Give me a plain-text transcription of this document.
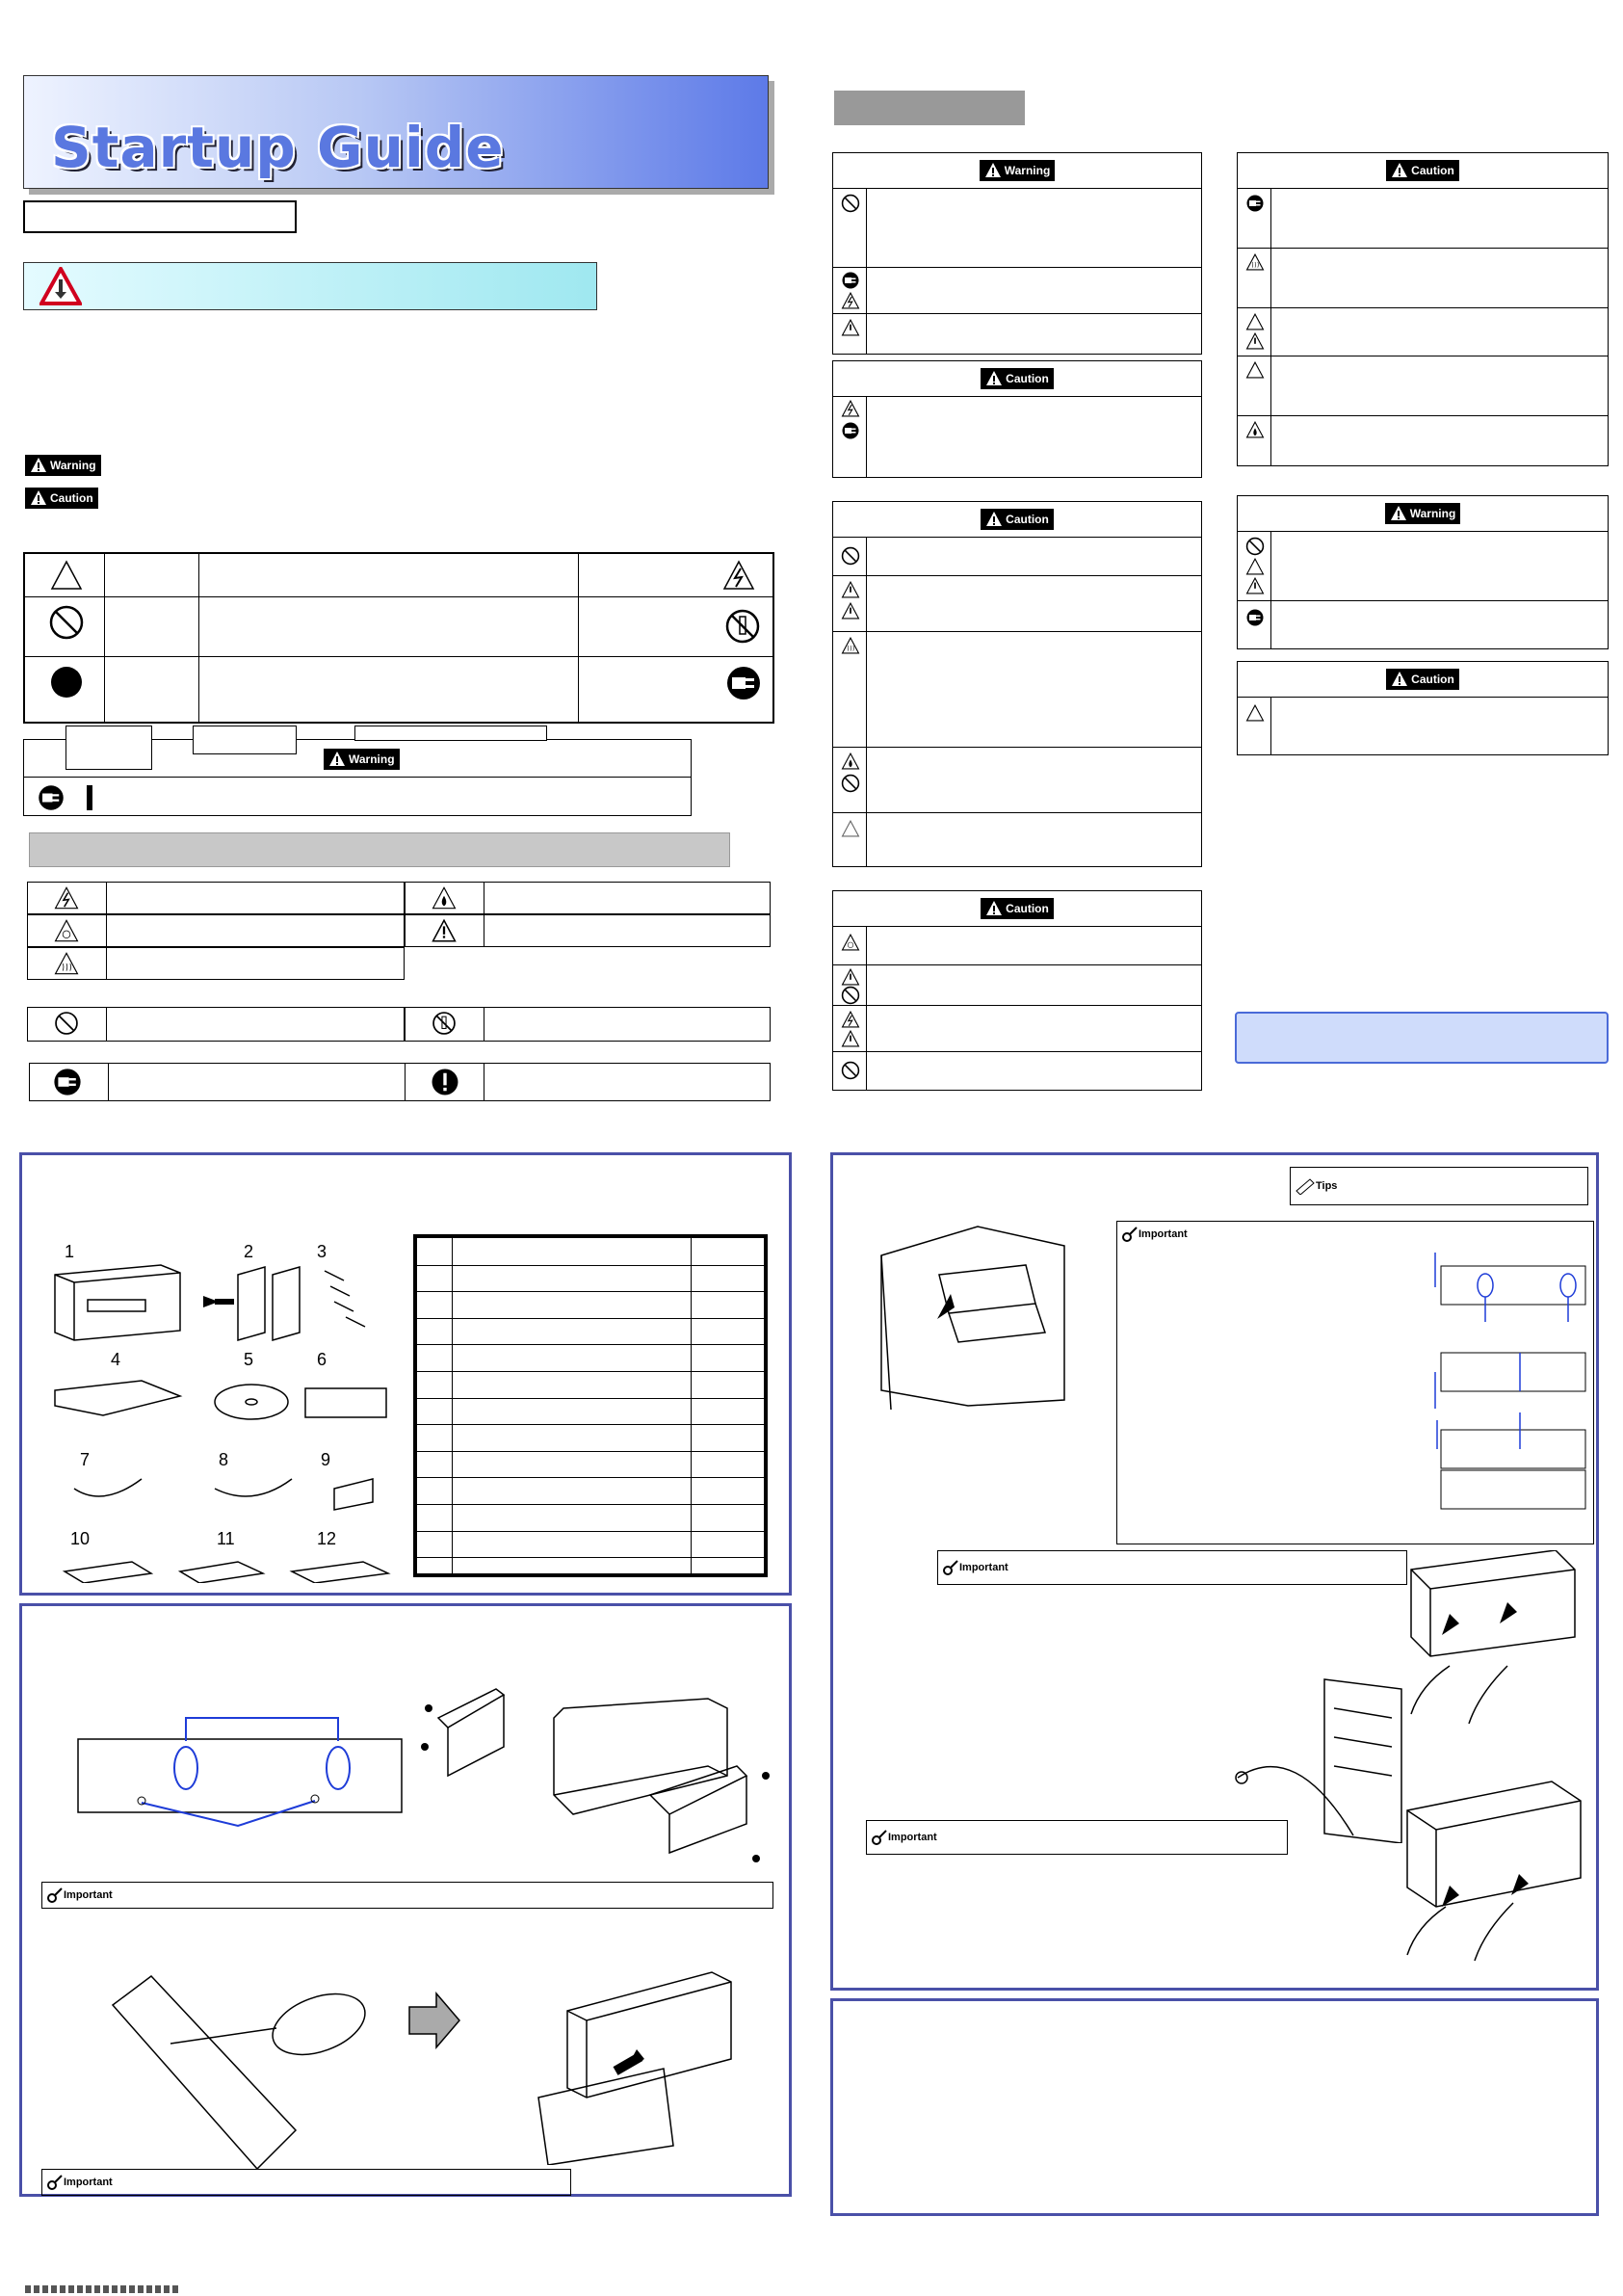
Startup Guide
Warning
Caution
Warning
Warning
Caution
Caution
Caution
Caution
Warning
Caution
1	2	3
4	5	6
7	8	9
10	11	12
Important
Important
Tips
Important
Important
Important
